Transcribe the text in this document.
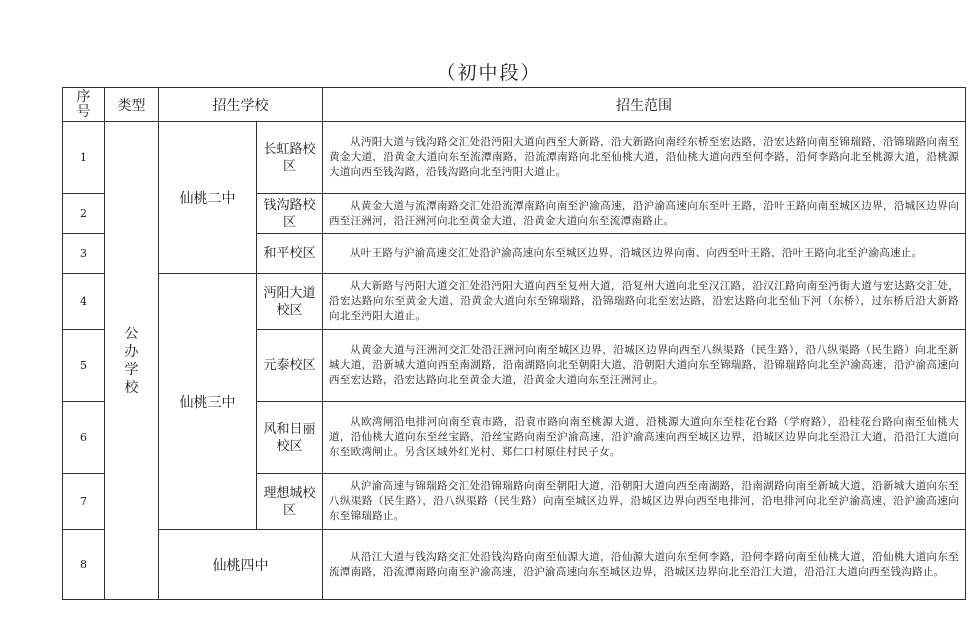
（初中段）
序号	类型	招生学校		招生范围
1	公办学校	仙桃二中	长虹路校区	从沔阳大道与钱沟路交汇处沿沔阳大道向西至大新路，沿大新路向南经东桥至宏达路，沿宏达路向南至锦瑞路，沿锦瑞路向南至黄金大道，沿黄金大道向东至流潭南路，沿流潭南路向北至仙桃大道，沿仙桃大道向西至何李路，沿何李路向北至桃源大道，沿桃源大道向西至钱沟路，沿钱沟路向北至沔阳大道止。

2			钱沟路校区	从黄金大道与流潭南路交汇处沿流潭南路向南至沪渝高速，沿沪渝高速向东至叶王路，沿叶王路向南至城区边界，沿城区边界向西至汪洲河，沿汪洲河向北至黄金大道，沿黄金大道向东至流潭南路止。

3			和平校区	从叶王路与沪渝高速交汇处沿沪渝高速向东至城区边界，沿城区边界向南、向西至叶王路，沿叶王路向北至沪渝高速止。

4		仙桃三中	沔阳大道校区	从大新路与沔阳大道交汇处沿沔阳大道向西至复州大道，沿复州大道向北至汉江路，沿汉江路向南至沔街大道与宏达路交汇处，沿宏达路向东至黄金大道，沿黄金大道向东至锦瑞路，沿锦瑞路向北至宏达路，沿宏达路向北至仙下河（东桥），过东桥后沿大新路向北至沔阳大道止。

5			元泰校区	从黄金大道与汪洲河交汇处沿汪洲河向南至城区边界，沿城区边界向西至八纵渠路（民生路），沿八纵渠路（民生路）向北至新城大道，沿新城大道向西至南湖路，沿南湖路向北至朝阳大道，沿朝阳大道向东至锦瑞路，沿锦瑞路向北至沪渝高速，沿沪渝高速向西至宏达路，沿宏达路向北至黄金大道，沿黄金大道向东至汪洲河止。

6			风和日丽校区	从欧湾闸沿电排河向南至袁市路，沿袁市路向南至桃源大道，沿桃源大道向东至桂花台路（学府路），沿桂花台路向南至仙桃大道，沿仙桃大道向东至丝宝路，沿丝宝路向南至沪渝高速，沿沪渝高速向西至城区边界，沿城区边界向北至沿江大道，沿沿江大道向东至欧湾闸止。另含区域外红光村、郑仁口村原住村民子女。

7			理想城校区	从沪渝高速与锦瑞路交汇处沿锦瑞路向南至朝阳大道，沿朝阳大道向西至南湖路，沿南湖路向南至新城大道，沿新城大道向东至八纵渠路（民生路），沿八纵渠路（民生路）向南至城区边界，沿城区边界向西至电排河，沿电排河向北至沪渝高速，沿沪渝高速向东至锦瑞路止。

8		仙桃四中		从沿江大道与钱沟路交汇处沿钱沟路向南至仙源大道，沿仙源大道向东至何李路，沿何李路向南至仙桃大道，沿仙桃大道向东至流潭南路，沿流潭南路向南至沪渝高速，沿沪渝高速向东至城区边界，沿城区边界向北至沿江大道，沿沿江大道向西至钱沟路止。
